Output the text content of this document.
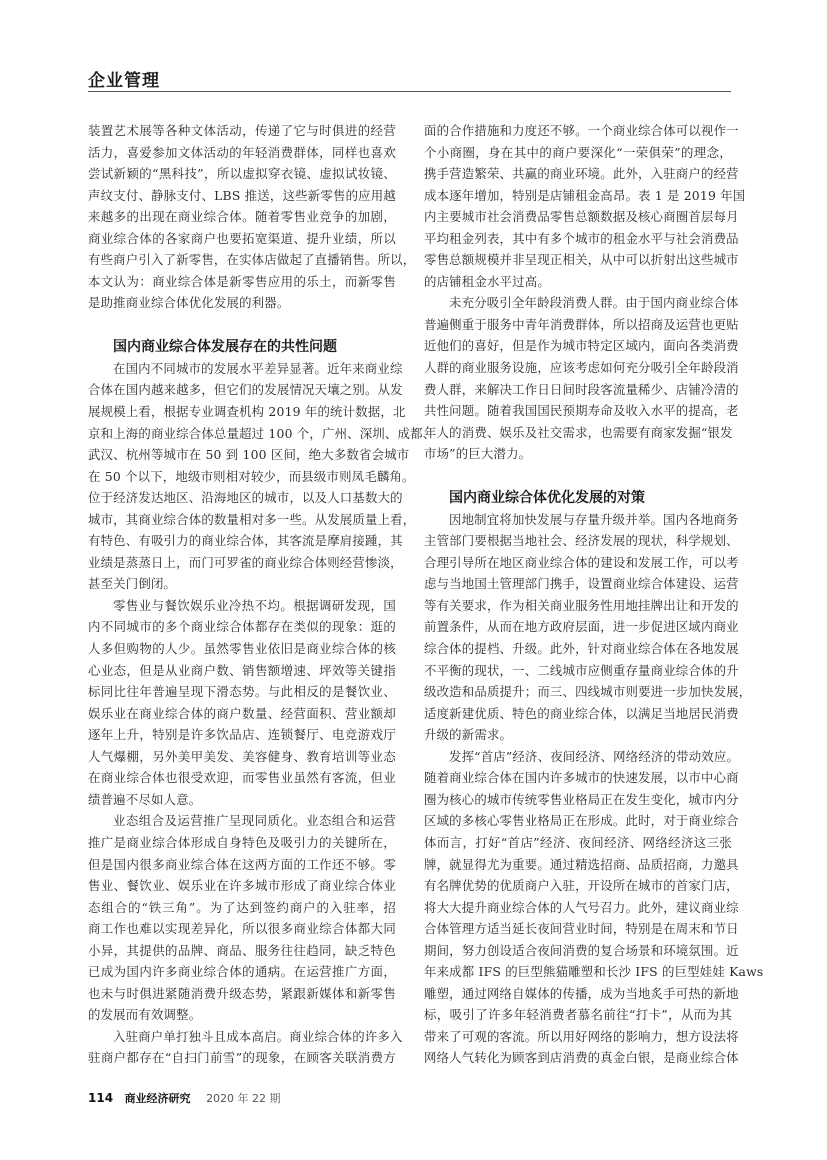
企业管理
装置艺术展等各种文体活动，传递了它与时俱进的经营
活力，喜爱参加文体活动的年轻消费群体，同样也喜欢
尝试新颖的“黑科技”，所以虚拟穿衣镜、虚拟试妆镜、
声纹支付、静脉支付、LBS 推送，这些新零售的应用越
来越多的出现在商业综合体。随着零售业竞争的加剧，
商业综合体的各家商户也要拓宽渠道、提升业绩，所以
有些商户引入了新零售，在实体店做起了直播销售。所以，
本文认为：商业综合体是新零售应用的乐土，而新零售
是助推商业综合体优化发展的利器。
国内商业综合体发展存在的共性问题
在国内不同城市的发展水平差异显著。近年来商业综
合体在国内越来越多，但它们的发展情况天壤之别。从发
展规模上看，根据专业调查机构 2019 年的统计数据，北
京和上海的商业综合体总量超过 100 个，广州、深圳、成都、
武汉、杭州等城市在 50 到 100 区间，绝大多数省会城市
在 50 个以下，地级市则相对较少，而县级市则凤毛麟角。
位于经济发达地区、沿海地区的城市，以及人口基数大的
城市，其商业综合体的数量相对多一些。从发展质量上看，
有特色、有吸引力的商业综合体，其客流是摩肩接踵，其
业绩是蒸蒸日上，而门可罗雀的商业综合体则经营惨淡，
甚至关门倒闭。
零售业与餐饮娱乐业冷热不均。根据调研发现，国
内不同城市的多个商业综合体都存在类似的现象：逛的
人多但购物的人少。虽然零售业依旧是商业综合体的核
心业态，但是从业商户数、销售额增速、坪效等关键指
标同比往年普遍呈现下滑态势。与此相反的是餐饮业、
娱乐业在商业综合体的商户数量、经营面积、营业额却
逐年上升，特别是许多饮品店、连锁餐厅、电竞游戏厅
人气爆棚，另外美甲美发、美容健身、教育培训等业态
在商业综合体也很受欢迎，而零售业虽然有客流，但业
绩普遍不尽如人意。
业态组合及运营推广呈现同质化。业态组合和运营
推广是商业综合体形成自身特色及吸引力的关键所在，
但是国内很多商业综合体在这两方面的工作还不够。零
售业、餐饮业、娱乐业在许多城市形成了商业综合体业
态组合的“铁三角”。为了达到签约商户的入驻率，招
商工作也难以实现差异化，所以很多商业综合体都大同
小异，其提供的品牌、商品、服务往往趋同，缺乏特色
已成为国内许多商业综合体的通病。在运营推广方面，
也未与时俱进紧随消费升级态势，紧跟新媒体和新零售
的发展而有效调整。
入驻商户单打独斗且成本高启。商业综合体的许多入
驻商户都存在“自扫门前雪”的现象，在顾客关联消费方
面的合作措施和力度还不够。一个商业综合体可以视作一
个小商圈，身在其中的商户要深化“一荣俱荣”的理念，
携手营造繁荣、共赢的商业环境。此外，入驻商户的经营
成本逐年增加，特别是店铺租金高昂。表 1 是 2019 年国
内主要城市社会消费品零售总额数据及核心商圈首层每月
平均租金列表，其中有多个城市的租金水平与社会消费品
零售总额规模并非呈现正相关，从中可以折射出这些城市
的店铺租金水平过高。
未充分吸引全年龄段消费人群。由于国内商业综合体
普遍侧重于服务中青年消费群体，所以招商及运营也更贴
近他们的喜好，但是作为城市特定区域内，面向各类消费
人群的商业服务设施，应该考虑如何充分吸引全年龄段消
费人群，来解决工作日日间时段客流量稀少、店铺冷清的
共性问题。随着我国国民预期寿命及收入水平的提高，老
年人的消费、娱乐及社交需求，也需要有商家发掘“银发
市场”的巨大潜力。
国内商业综合体优化发展的对策
因地制宜将加快发展与存量升级并举。国内各地商务
主管部门要根据当地社会、经济发展的现状，科学规划、
合理引导所在地区商业综合体的建设和发展工作，可以考
虑与当地国土管理部门携手，设置商业综合体建设、运营
等有关要求，作为相关商业服务性用地挂牌出让和开发的
前置条件，从而在地方政府层面，进一步促进区域内商业
综合体的提档、升级。此外，针对商业综合体在各地发展
不平衡的现状，一、二线城市应侧重存量商业综合体的升
级改造和品质提升；而三、四线城市则要进一步加快发展，
适度新建优质、特色的商业综合体，以满足当地居民消费
升级的新需求。
发挥“首店”经济、夜间经济、网络经济的带动效应。
随着商业综合体在国内许多城市的快速发展，以市中心商
圈为核心的城市传统零售业格局正在发生变化，城市内分
区域的多核心零售业格局正在形成。此时，对于商业综合
体而言，打好“首店”经济、夜间经济、网络经济这三张
牌，就显得尤为重要。通过精选招商、品质招商，力邀具
有名牌优势的优质商户入驻，开设所在城市的首家门店，
将大大提升商业综合体的人气号召力。此外，建议商业综
合体管理方适当延长夜间营业时间，特别是在周末和节日
期间，努力创设适合夜间消费的复合场景和环境氛围。近
年来成都 IFS 的巨型熊猫雕塑和长沙 IFS 的巨型娃娃 Kaws
雕塑，通过网络自媒体的传播，成为当地炙手可热的新地
标，吸引了许多年轻消费者慕名前往“打卡”，从而为其
带来了可观的客流。所以用好网络的影响力，想方设法将
网络人气转化为顾客到店消费的真金白银，是商业综合体
114 商业经济研究 2020 年 22 期
